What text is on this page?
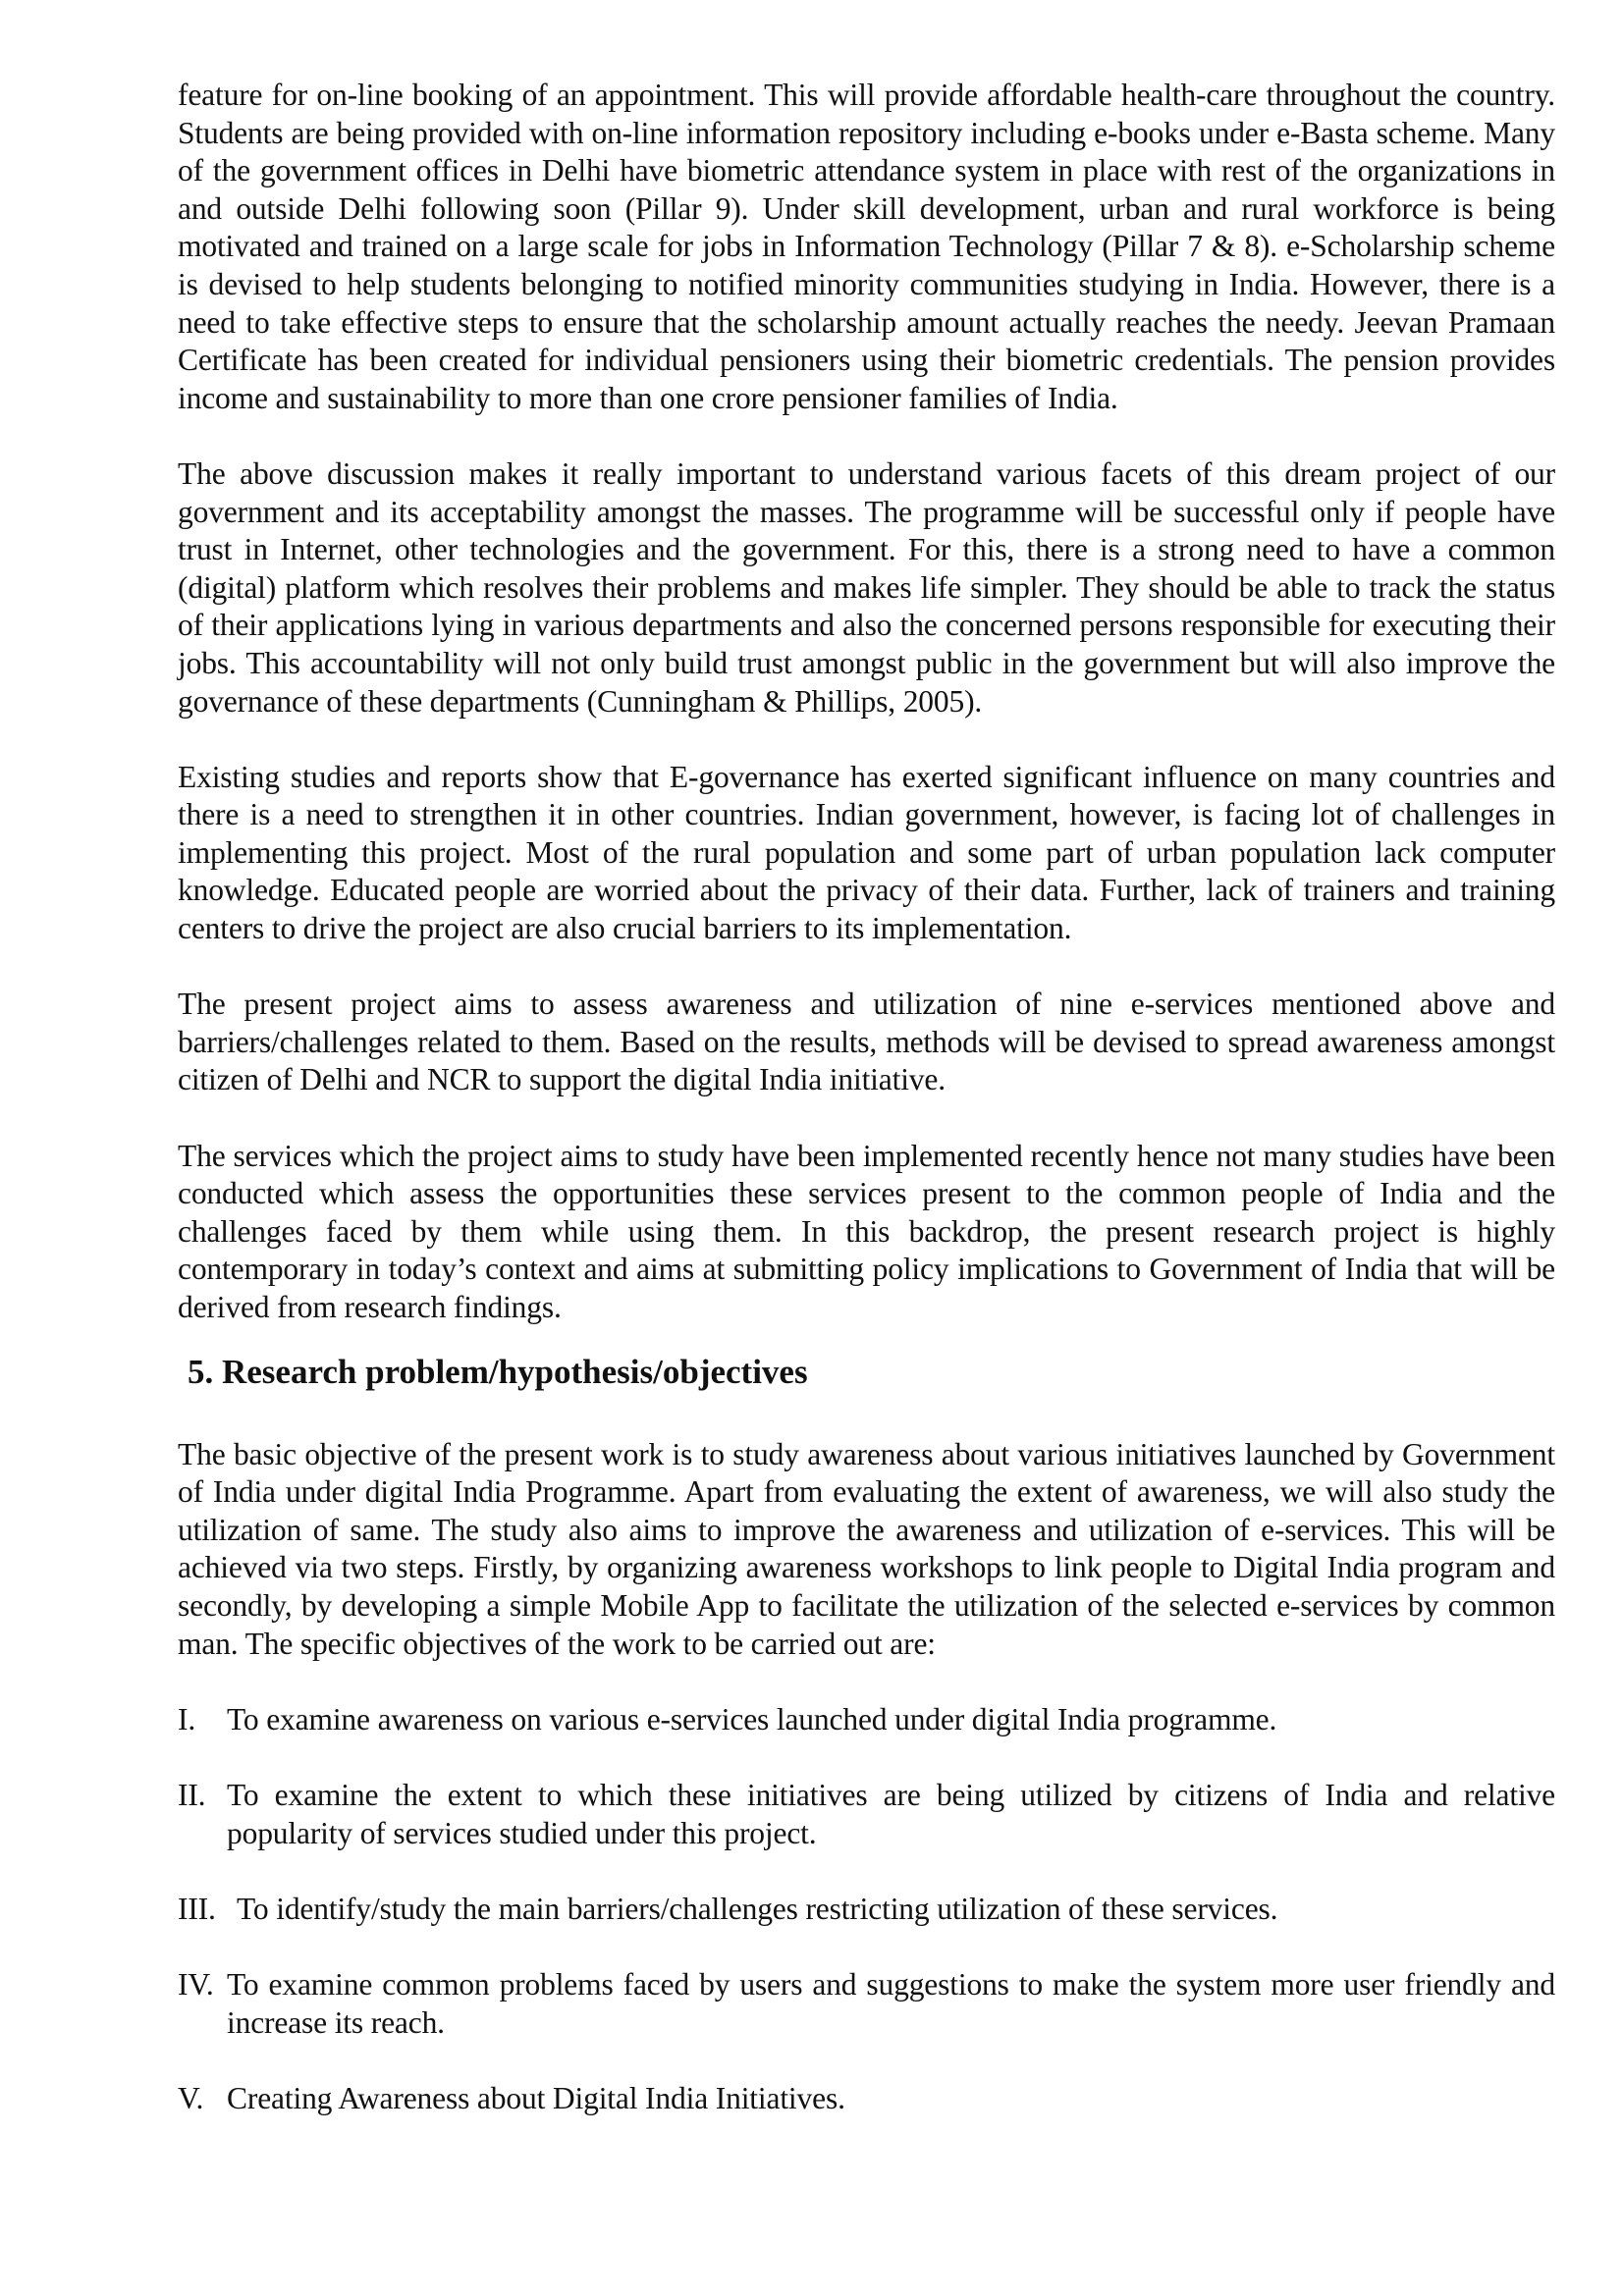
feature for on-line booking of an appointment. This will provide affordable health-care throughout the country. Students are being provided with on-line information repository including e-books under e-Basta scheme. Many of the government offices in Delhi have biometric attendance system in place with rest of the organizations in and outside Delhi following soon (Pillar 9). Under skill development, urban and rural workforce is being motivated and trained on a large scale for jobs in Information Technology (Pillar 7 & 8). e-Scholarship scheme is devised to help students belonging to notified minority communities studying in India. However, there is a need to take effective steps to ensure that the scholarship amount actually reaches the needy. Jeevan Pramaan Certificate has been created for individual pensioners using their biometric credentials. The pension provides income and sustainability to more than one crore pensioner families of India.

The above discussion makes it really important to understand various facets of this dream project of our government and its acceptability amongst the masses. The programme will be successful only if people have trust in Internet, other technologies and the government. For this, there is a strong need to have a common (digital) platform which resolves their problems and makes life simpler. They should be able to track the status of their applications lying in various departments and also the concerned persons responsible for executing their jobs. This accountability will not only build trust amongst public in the government but will also improve the governance of these departments (Cunningham & Phillips, 2005).

Existing studies and reports show that E-governance has exerted significant influence on many countries and there is a need to strengthen it in other countries. Indian government, however, is facing lot of challenges in implementing this project. Most of the rural population and some part of urban population lack computer knowledge. Educated people are worried about the privacy of their data. Further, lack of trainers and training centers to drive the project are also crucial barriers to its implementation.

The present project aims to assess awareness and utilization of nine e-services mentioned above and barriers/challenges related to them. Based on the results, methods will be devised to spread awareness amongst citizen of Delhi and NCR to support the digital India initiative.

The services which the project aims to study have been implemented recently hence not many studies have been conducted which assess the opportunities these services present to the common people of India and the challenges faced by them while using them. In this backdrop, the present research project is highly contemporary in today’s context and aims at submitting policy implications to Government of India that will be derived from research findings.

5. Research problem/hypothesis/objectives

The basic objective of the present work is to study awareness about various initiatives launched by Government of India under digital India Programme. Apart from evaluating the extent of awareness, we will also study the utilization of same. The study also aims to improve the awareness and utilization of e-services. This will be achieved via two steps. Firstly, by organizing awareness workshops to link people to Digital India program and secondly, by developing a simple Mobile App to facilitate the utilization of the selected e-services by common man. The specific objectives of the work to be carried out are:

I.	To examine awareness on various e-services launched under digital India programme.
II. To examine the extent to which these initiatives are being utilized by citizens of India and relative popularity of services studied under this project.
III. To identify/study the main barriers/challenges restricting utilization of these services.
IV. To examine common problems faced by users and suggestions to make the system more user friendly and increase its reach.
V. Creating Awareness about Digital India Initiatives.
